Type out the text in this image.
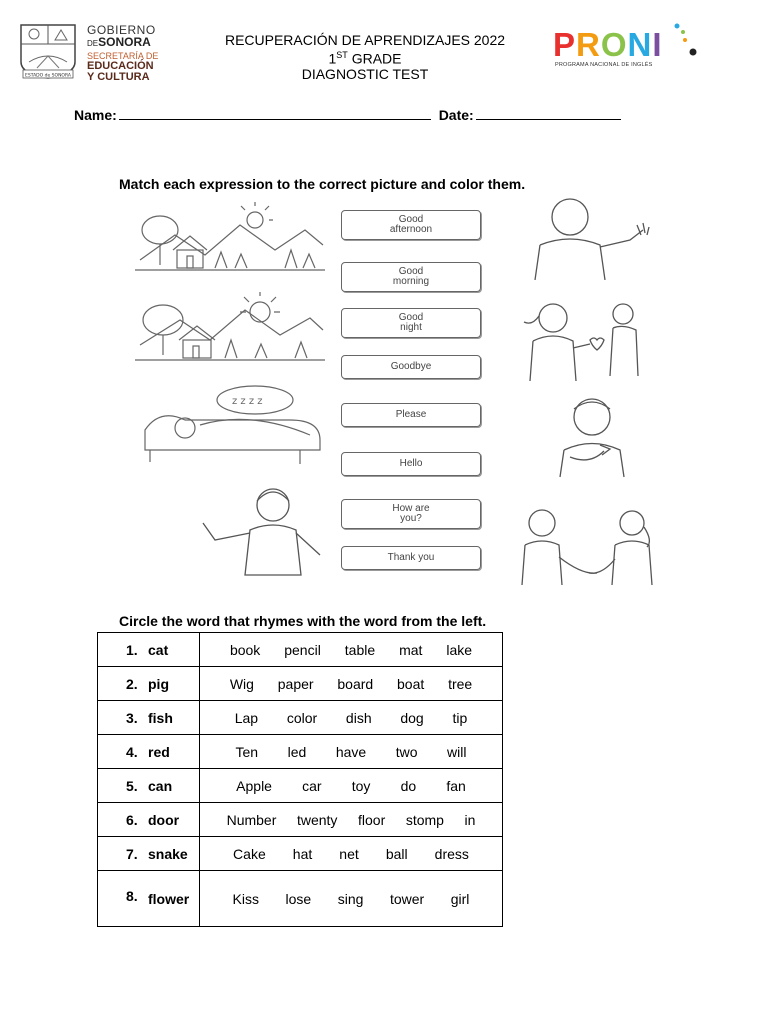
ESTADO de SONORA
GOBIERNO
DESONORA
SECRETARÍA DE
EDUCACIÓN
Y CULTURA
RECUPERACIÓN DE APRENDIZAJES 2022
1ST GRADE
DIAGNOSTIC TEST
PRONI
PROGRAMA NACIONAL DE INGLÉS
Name:	Date:
Match each expression to the correct picture and color them.
z z z z
Good
afternoon
Good
morning
Good
night
Goodbye
Please
Hello
How are
you?
Thank you
Circle the word that rhymes with the word from the left.
1. cat	book pencil table mat lake

2. pig	Wig paper board boat tree

3. fish	Lap color dish dog tip

4. red	Ten led have two will

5. can	Apple car toy do fan

6. door	Number twenty floor stomp in

7. snake	Cake hat net ball dress

8. flower	Kiss lose sing tower girl
